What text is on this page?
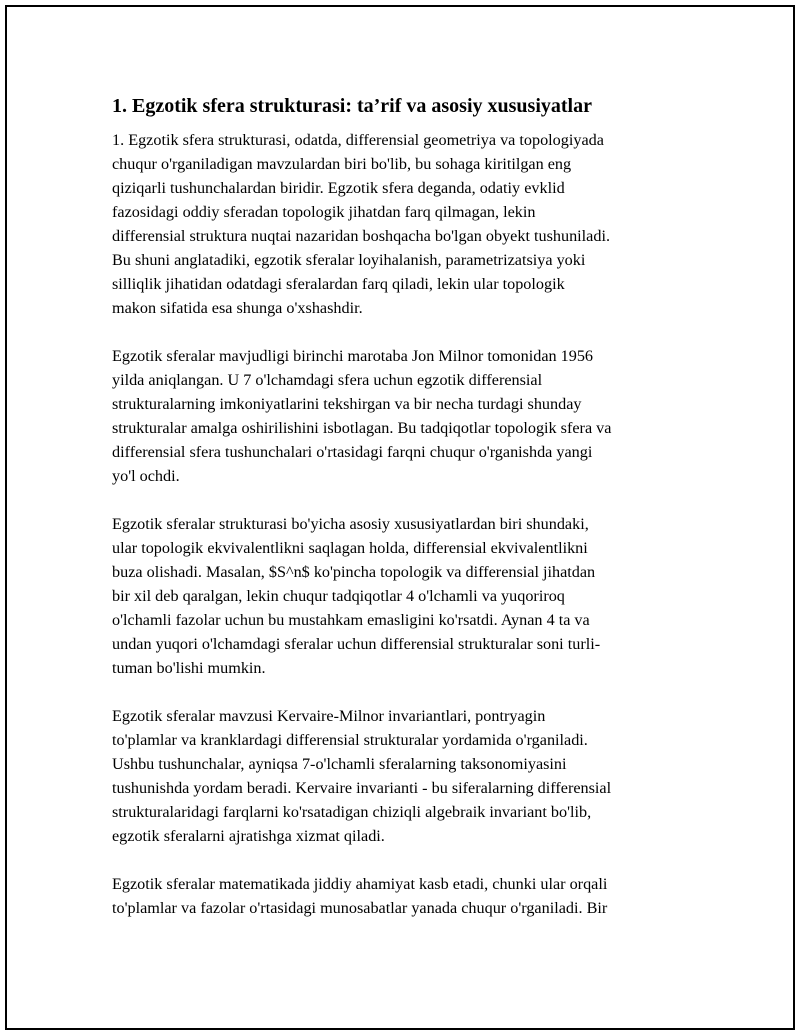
1. Egzotik sfera strukturasi: ta’rif va asosiy xususiyatlar
1. Egzotik sfera strukturasi, odatda, differensial geometriya va topologiyada
chuqur o'rganiladigan mavzulardan biri bo'lib, bu sohaga kiritilgan eng
qiziqarli tushunchalardan biridir. Egzotik sfera deganda, odatiy evklid
fazosidagi oddiy sferadan topologik jihatdan farq qilmagan, lekin
differensial struktura nuqtai nazaridan boshqacha bo'lgan obyekt tushuniladi.
Bu shuni anglatadiki, egzotik sferalar loyihalanish, parametrizatsiya yoki
silliqlik jihatidan odatdagi sferalardan farq qiladi, lekin ular topologik
makon sifatida esa shunga o'xshashdir.
Egzotik sferalar mavjudligi birinchi marotaba Jon Milnor tomonidan 1956
yilda aniqlangan. U 7 o'lchamdagi sfera uchun egzotik differensial
strukturalarning imkoniyatlarini tekshirgan va bir necha turdagi shunday
strukturalar amalga oshirilishini isbotlagan. Bu tadqiqotlar topologik sfera va
differensial sfera tushunchalari o'rtasidagi farqni chuqur o'rganishda yangi
yo'l ochdi.
Egzotik sferalar strukturasi bo'yicha asosiy xususiyatlardan biri shundaki,
ular topologik ekvivalentlikni saqlagan holda, differensial ekvivalentlikni
buza olishadi. Masalan, $S^n$ ko'pincha topologik va differensial jihatdan
bir xil deb qaralgan, lekin chuqur tadqiqotlar 4 o'lchamli va yuqoriroq
o'lchamli fazolar uchun bu mustahkam emasligini ko'rsatdi. Aynan 4 ta va
undan yuqori o'lchamdagi sferalar uchun differensial strukturalar soni turli-
tuman bo'lishi mumkin.
Egzotik sferalar mavzusi Kervaire-Milnor invariantlari, pontryagin
to'plamlar va kranklardagi differensial strukturalar yordamida o'rganiladi.
Ushbu tushunchalar, ayniqsa 7-o'lchamli sferalarning taksonomiyasini
tushunishda yordam beradi. Kervaire invarianti - bu siferalarning differensial
strukturalaridagi farqlarni ko'rsatadigan chiziqli algebraik invariant bo'lib,
egzotik sferalarni ajratishga xizmat qiladi.
Egzotik sferalar matematikada jiddiy ahamiyat kasb etadi, chunki ular orqali
to'plamlar va fazolar o'rtasidagi munosabatlar yanada chuqur o'rganiladi. Bir
